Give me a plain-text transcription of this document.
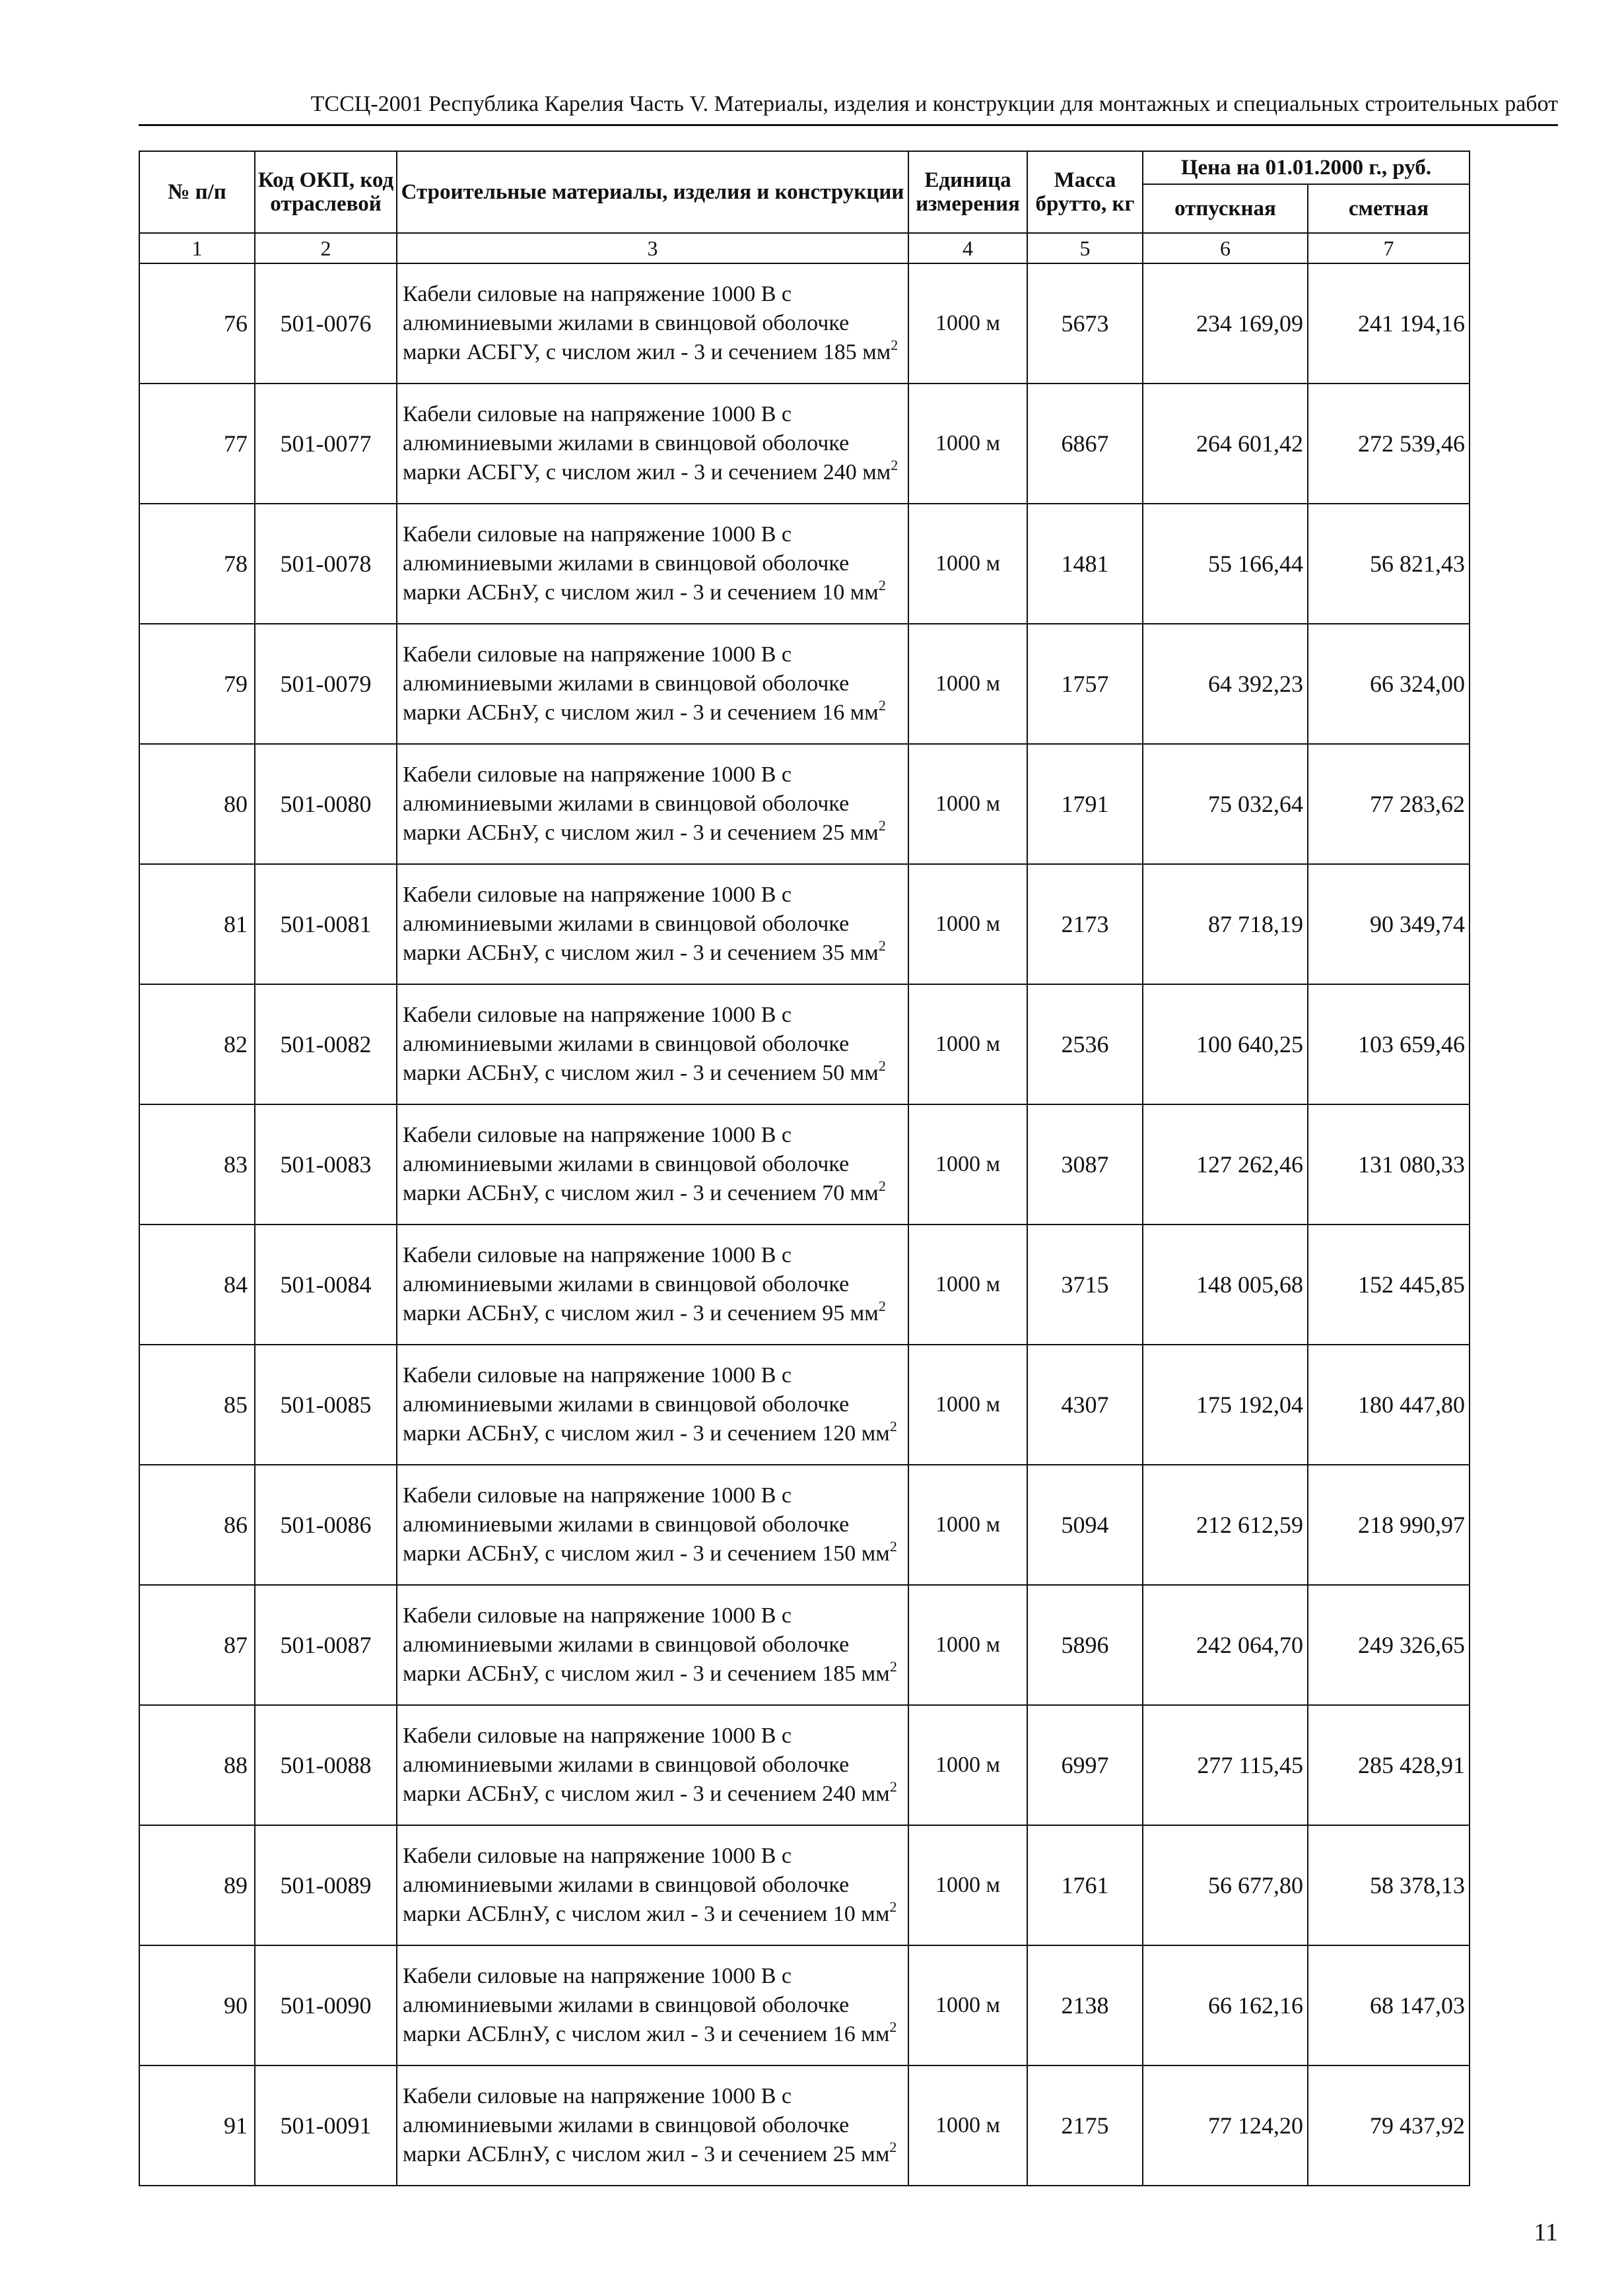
ТССЦ-2001 Республика Карелия Часть V. Материалы, изделия и конструкции для монтажных и специальных строительных работ
№ п/п	Код ОКП, код отраслевой	Строительные материалы, изделия и конструкции	Единица измерения	Масса брутто, кг	Цена на 01.01.2000 г., руб.	
					отпускная	сметная
1	2	3	4	5	6	7
76	501-0076	Кабели силовые на напряжение 1000 В с алюминиевыми жилами в свинцовой оболочке марки АСБГУ, с числом жил - 3 и сечением 185 $мм^2$	1000 м	5673	234 169,09	241 194,16
77	501-0077	Кабели силовые на напряжение 1000 В с алюминиевыми жилами в свинцовой оболочке марки АСБГУ, с числом жил - 3 и сечением 240 $мм^2$	1000 м	6867	264 601,42	272 539,46
78	501-0078	Кабели силовые на напряжение 1000 В с алюминиевыми жилами в свинцовой оболочке марки АСБнУ, с числом жил - 3 и сечением 10 $мм^2$	1000 м	1481	55 166,44	56 821,43
79	501-0079	Кабели силовые на напряжение 1000 В с алюминиевыми жилами в свинцовой оболочке марки АСБнУ, с числом жил - 3 и сечением 16 $мм^2$	1000 м	1757	64 392,23	66 324,00
80	501-0080	Кабели силовые на напряжение 1000 В с алюминиевыми жилами в свинцовой оболочке марки АСБнУ, с числом жил - 3 и сечением 25 $мм^2$	1000 м	1791	75 032,64	77 283,62
81	501-0081	Кабели силовые на напряжение 1000 В с алюминиевыми жилами в свинцовой оболочке марки АСБнУ, с числом жил - 3 и сечением 35 $мм^2$	1000 м	2173	87 718,19	90 349,74
82	501-0082	Кабели силовые на напряжение 1000 В с алюминиевыми жилами в свинцовой оболочке марки АСБнУ, с числом жил - 3 и сечением 50 $мм^2$	1000 м	2536	100 640,25	103 659,46
83	501-0083	Кабели силовые на напряжение 1000 В с алюминиевыми жилами в свинцовой оболочке марки АСБнУ, с числом жил - 3 и сечением 70 $мм^2$	1000 м	3087	127 262,46	131 080,33
84	501-0084	Кабели силовые на напряжение 1000 В с алюминиевыми жилами в свинцовой оболочке марки АСБнУ, с числом жил - 3 и сечением 95 $мм^2$	1000 м	3715	148 005,68	152 445,85
85	501-0085	Кабели силовые на напряжение 1000 В с алюминиевыми жилами в свинцовой оболочке марки АСБнУ, с числом жил - 3 и сечением 120 $мм^2$	1000 м	4307	175 192,04	180 447,80
86	501-0086	Кабели силовые на напряжение 1000 В с алюминиевыми жилами в свинцовой оболочке марки АСБнУ, с числом жил - 3 и сечением 150 $мм^2$	1000 м	5094	212 612,59	218 990,97
87	501-0087	Кабели силовые на напряжение 1000 В с алюминиевыми жилами в свинцовой оболочке марки АСБнУ, с числом жил - 3 и сечением 185 $мм^2$	1000 м	5896	242 064,70	249 326,65
88	501-0088	Кабели силовые на напряжение 1000 В с алюминиевыми жилами в свинцовой оболочке марки АСБнУ, с числом жил - 3 и сечением 240 $мм^2$	1000 м	6997	277 115,45	285 428,91
89	501-0089	Кабели силовые на напряжение 1000 В с алюминиевыми жилами в свинцовой оболочке марки АСБлнУ, с числом жил - 3 и сечением 10 $мм^2$	1000 м	1761	56 677,80	58 378,13
90	501-0090	Кабели силовые на напряжение 1000 В с алюминиевыми жилами в свинцовой оболочке марки АСБлнУ, с числом жил - 3 и сечением 16 $мм^2$	1000 м	2138	66 162,16	68 147,03
91	501-0091	Кабели силовые на напряжение 1000 В с алюминиевыми жилами в свинцовой оболочке марки АСБлнУ, с числом жил - 3 и сечением 25 $мм^2$	1000 м	2175	77 124,20	79 437,92
11
